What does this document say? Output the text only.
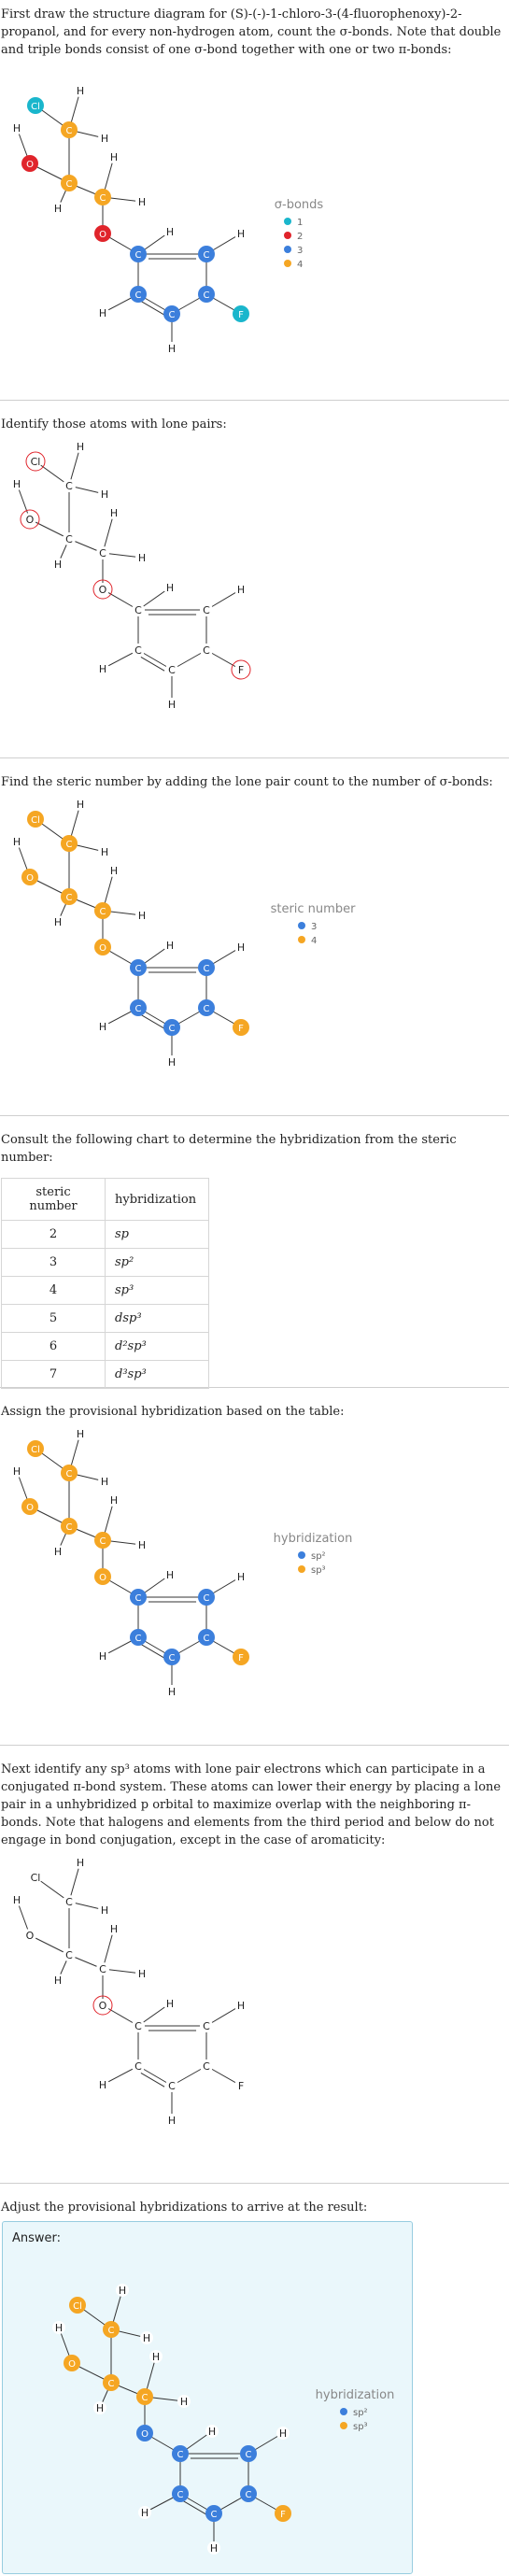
First draw the structure diagram for (S)-(-)-1-chloro-3-(4-fluorophenoxy)-2-propanol, and for every non-hydrogen atom, count the σ-bonds. Note that double and triple bonds consist of one σ-bond together with one or two π-bonds:

Cl
H
C
H
H
O
C
H
H
C	H
O
C
H
C
H
C	C
H	C	F
H
σ-bonds
1
2
3
4

Identify those atoms with lone pairs:

Cl
H
C
H
H
O
C
H
H
C	H
O
C
H
C
H
C	C
H	C	F
H

Find the steric number by adding the lone pair count to the number of σ-bonds:

Cl
H
C
H
H
O
C
H
H
C	H
O
C
H
C
H
C	C
H	C	F
H
steric number
3
4

Consult the following chart to determine the hybridization from the steric number:

steric number	hybridization
2	sp
3	sp²
4	sp³
5	dsp³
6	d²sp³
7	d³sp³

Assign the provisional hybridization based on the table:

Cl
H
C
H
H
O
C
H
H
C	H
O
C
H
C
H
C	C
H	C	F
H
hybridization
sp²
sp³

Next identify any sp³ atoms with lone pair electrons which can participate in a conjugated π-bond system. These atoms can lower their energy by placing a lone pair in a unhybridized p orbital to maximize overlap with the neighboring π-bonds. Note that halogens and elements from the third period and below do not engage in bond conjugation, except in the case of aromaticity:

Cl
H
C
H
H
O
C
H
H
C	H
O
C
H
C
H
C	C
H	C	F
H

Adjust the provisional hybridizations to arrive at the result:

Answer:
Cl
H
C
H
H
O
C
H
H
C	H
O
C
H
C
H
C	C
H	C	F
H
hybridization
sp²
sp³
